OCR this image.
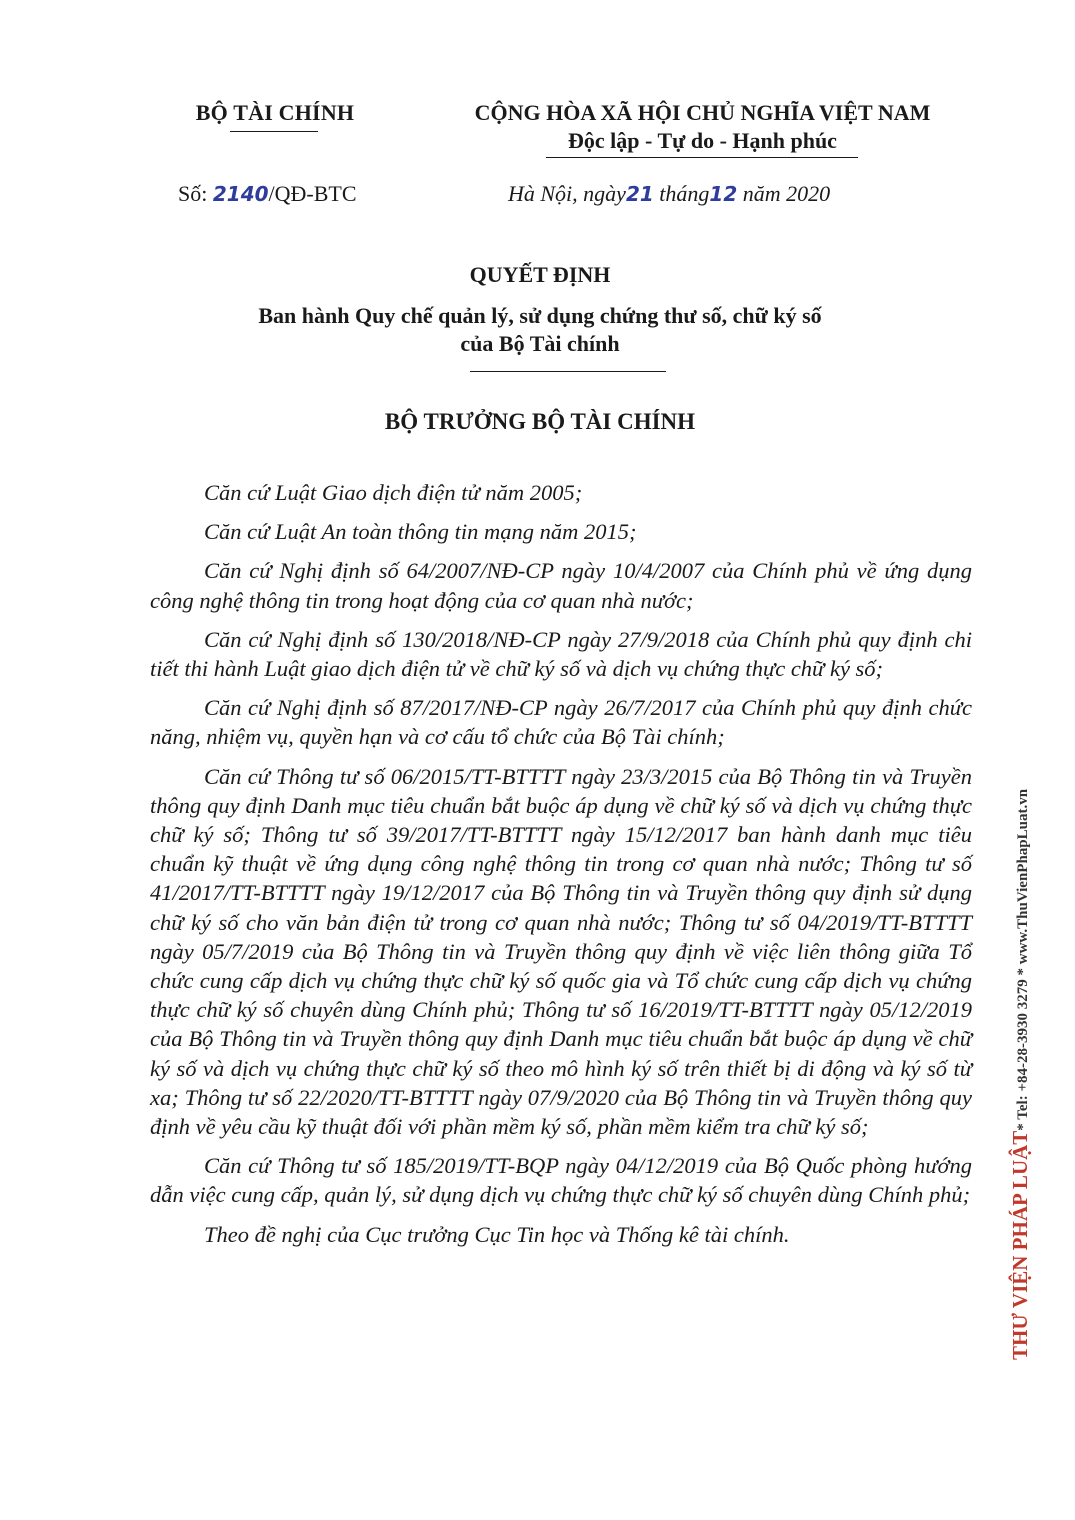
BỘ TÀI CHÍNH	CỘNG HÒA XÃ HỘI CHỦ NGHĨA VIỆT NAM
Độc lập - Tự do - Hạnh phúc
Số: 2140/QĐ-BTC	Hà Nội, ngày21 tháng12 năm 2020
QUYẾT ĐỊNH
Ban hành Quy chế quản lý, sử dụng chứng thư số, chữ ký số
của Bộ Tài chính
BỘ TRƯỞNG BỘ TÀI CHÍNH

Căn cứ Luật Giao dịch điện tử năm 2005;

Căn cứ Luật An toàn thông tin mạng năm 2015;

Căn cứ Nghị định số 64/2007/NĐ-CP ngày 10/4/2007 của Chính phủ về ứng dụng công nghệ thông tin trong hoạt động của cơ quan nhà nước;

Căn cứ Nghị định số 130/2018/NĐ-CP ngày 27/9/2018 của Chính phủ quy định chi tiết thi hành Luật giao dịch điện tử về chữ ký số và dịch vụ chứng thực chữ ký số;

Căn cứ Nghị định số 87/2017/NĐ-CP ngày 26/7/2017 của Chính phủ quy định chức năng, nhiệm vụ, quyền hạn và cơ cấu tổ chức của Bộ Tài chính;

Căn cứ Thông tư số 06/2015/TT-BTTTT ngày 23/3/2015 của Bộ Thông tin và Truyền thông quy định Danh mục tiêu chuẩn bắt buộc áp dụng về chữ ký số và dịch vụ chứng thực chữ ký số; Thông tư số 39/2017/TT-BTTTT ngày 15/12/2017 ban hành danh mục tiêu chuẩn kỹ thuật về ứng dụng công nghệ thông tin trong cơ quan nhà nước; Thông tư số 41/2017/TT-BTTTT ngày 19/12/2017 của Bộ Thông tin và Truyền thông quy định sử dụng chữ ký số cho văn bản điện tử trong cơ quan nhà nước; Thông tư số 04/2019/TT-BTTTT ngày 05/7/2019 của Bộ Thông tin và Truyền thông quy định về việc liên thông giữa Tổ chức cung cấp dịch vụ chứng thực chữ ký số quốc gia và Tổ chức cung cấp dịch vụ chứng thực chữ ký số chuyên dùng Chính phủ; Thông tư số 16/2019/TT-BTTTT ngày 05/12/2019 của Bộ Thông tin và Truyền thông quy định Danh mục tiêu chuẩn bắt buộc áp dụng về chữ ký số và dịch vụ chứng thực chữ ký số theo mô hình ký số trên thiết bị di động và ký số từ xa; Thông tư số 22/2020/TT-BTTTT ngày 07/9/2020 của Bộ Thông tin và Truyền thông quy định về yêu cầu kỹ thuật đối với phần mềm ký số, phần mềm kiểm tra chữ ký số;

Căn cứ Thông tư số 185/2019/TT-BQP ngày 04/12/2019 của Bộ Quốc phòng hướng dẫn việc cung cấp, quản lý, sử dụng dịch vụ chứng thực chữ ký số chuyên dùng Chính phủ;

Theo đề nghị của Cục trưởng Cục Tin học và Thống kê tài chính.	THƯ VIỆN PHÁP LUẬT* Tel: +84-28-3930 3279 * www.ThuVienPhapLuat.vn
